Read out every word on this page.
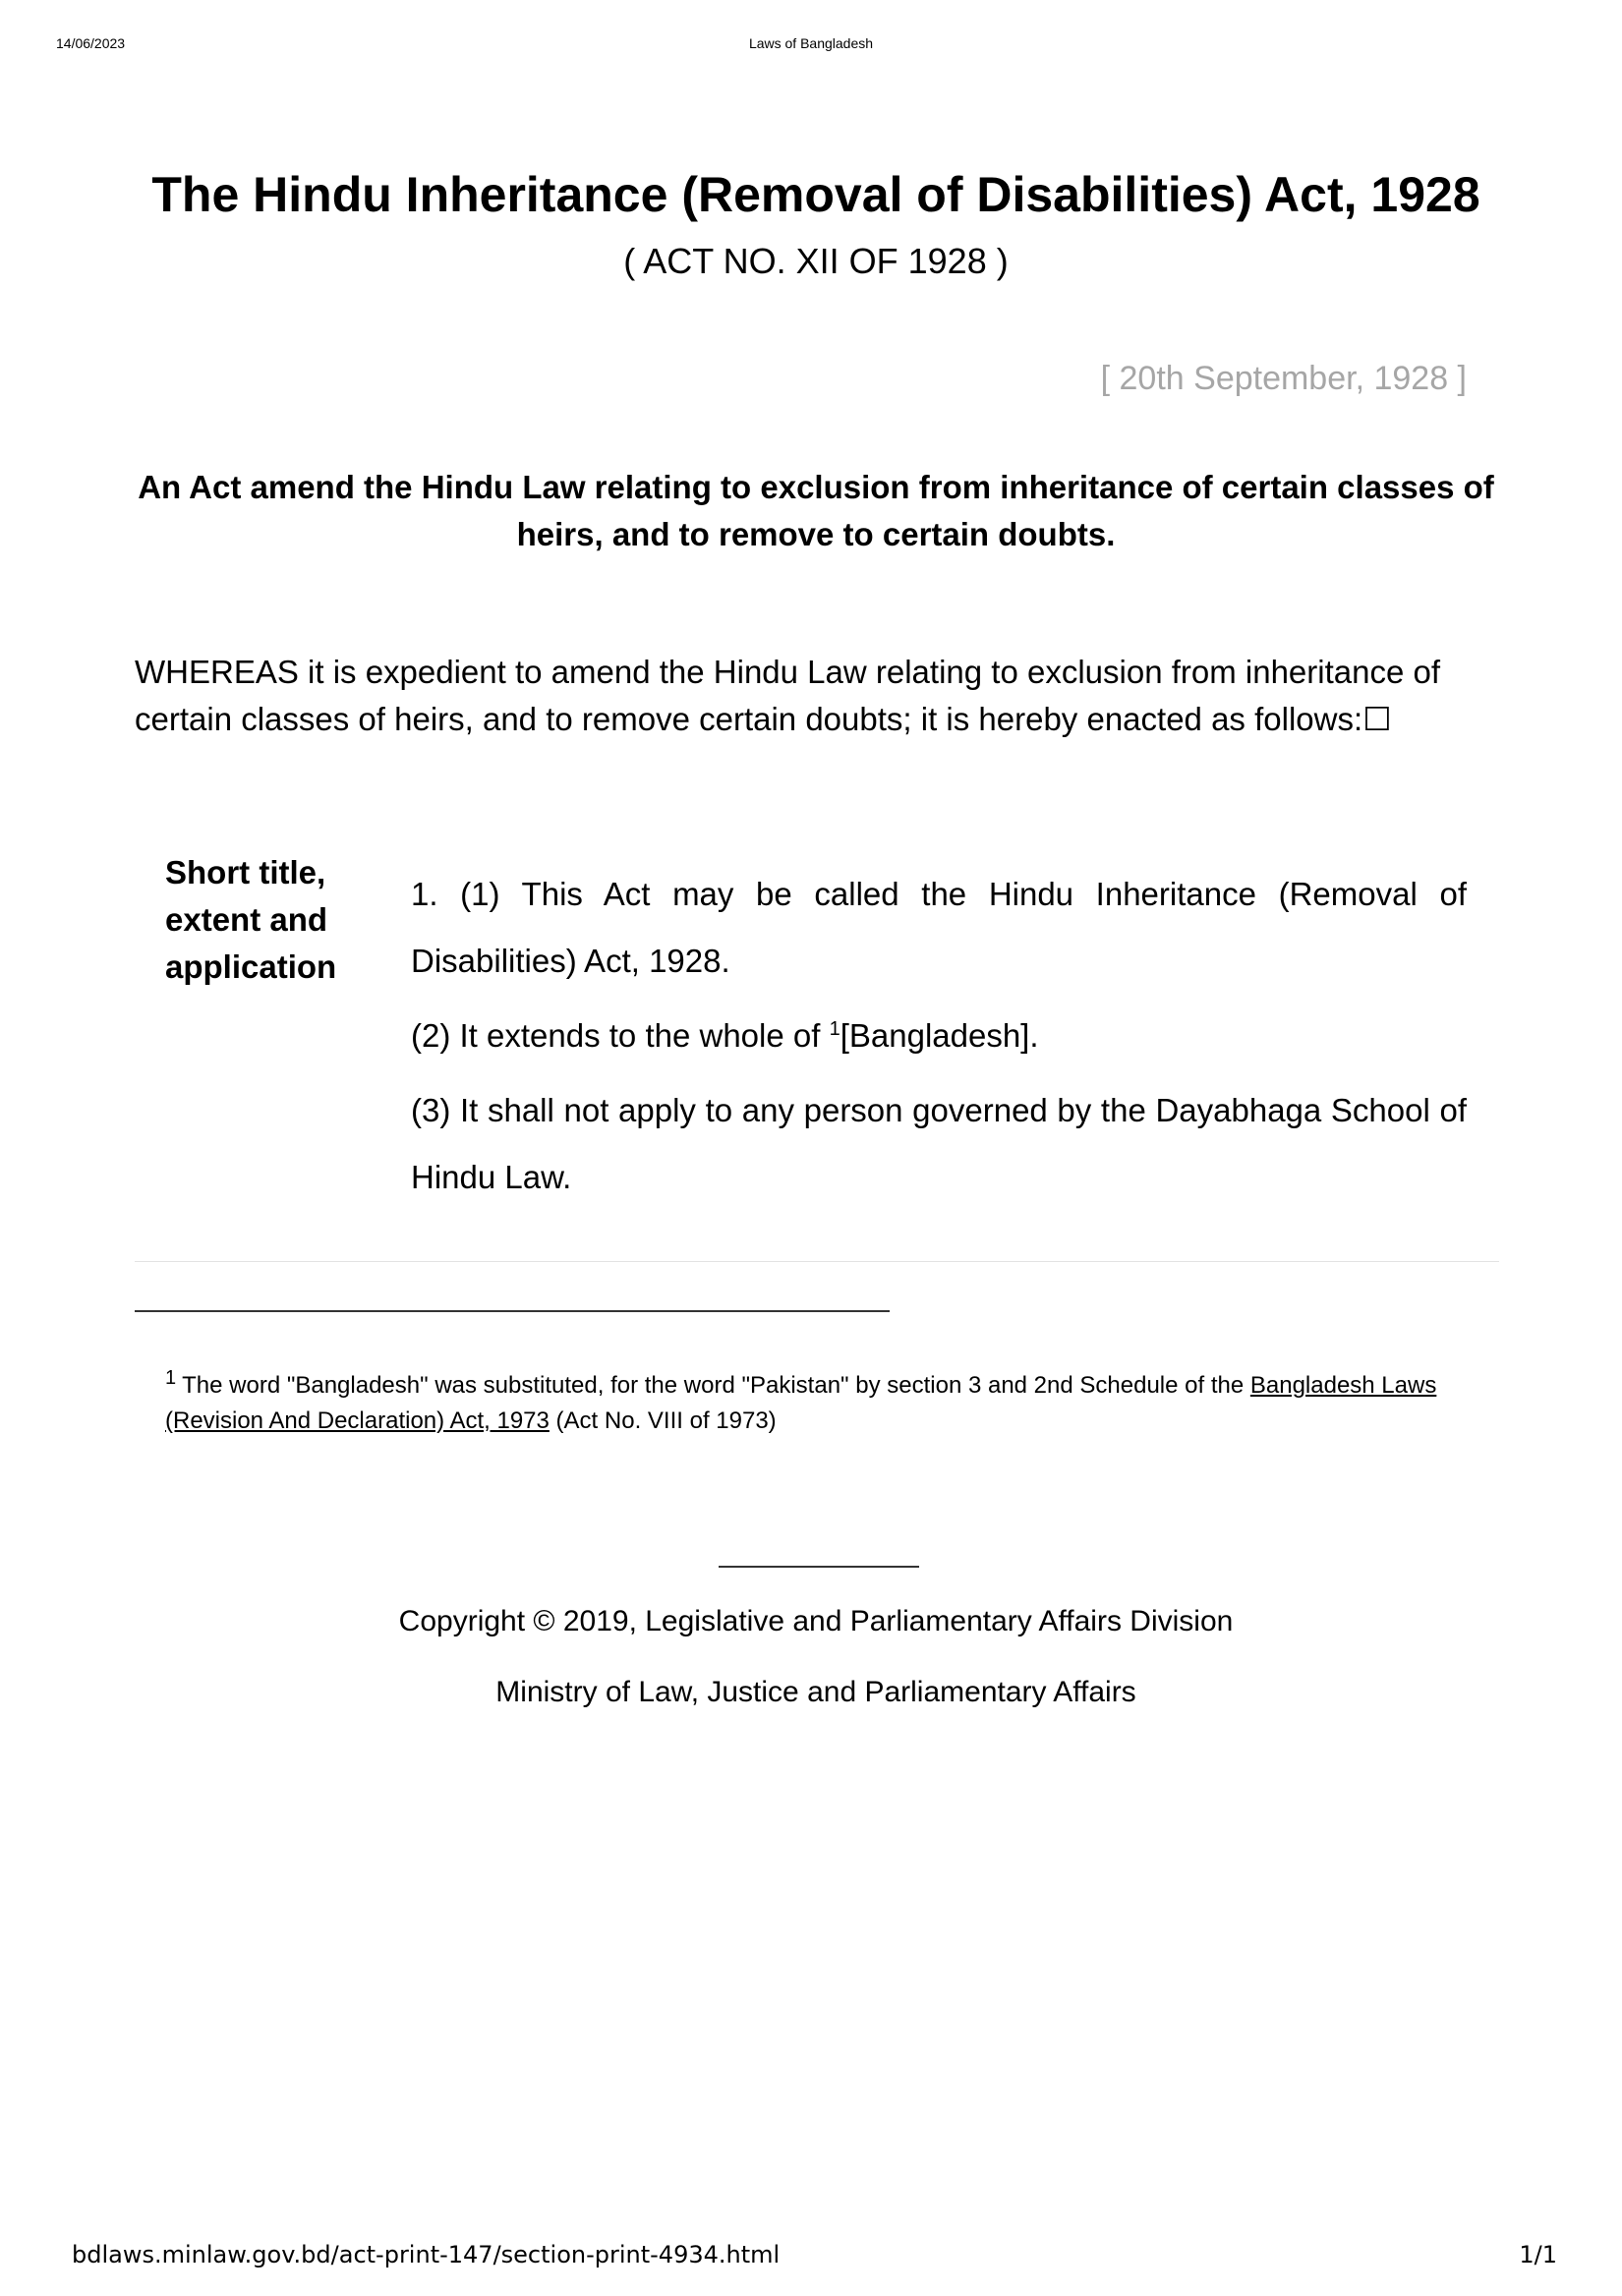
14/06/2023	Laws of Bangladesh
The Hindu Inheritance (Removal of Disabilities) Act, 1928
( ACT NO. XII OF 1928 )
[ 20th September, 1928 ]
An Act amend the Hindu Law relating to exclusion from inheritance of certain classes of heirs, and to remove to certain doubts.
WHEREAS it is expedient to amend the Hindu Law relating to exclusion from inheritance of certain classes of heirs, and to remove certain doubts; it is hereby enacted as follows:☐
Short title, extent and application

1. (1) This Act may be called the Hindu Inheritance (Removal of Disabilities) Act, 1928.

(2) It extends to the whole of $^1$[Bangladesh].

(3) It shall not apply to any person governed by the Dayabhaga School of Hindu Law.

$^1$ The word "Bangladesh" was substituted, for the word "Pakistan" by section 3 and 2nd Schedule of the Bangladesh Laws (Revision And Declaration) Act, 1973 (Act No. VIII of 1973)
Copyright © 2019, Legislative and Parliamentary Affairs Division
Ministry of Law, Justice and Parliamentary Affairs
bdlaws.minlaw.gov.bd/act-print-147/section-print-4934.html	1/1
